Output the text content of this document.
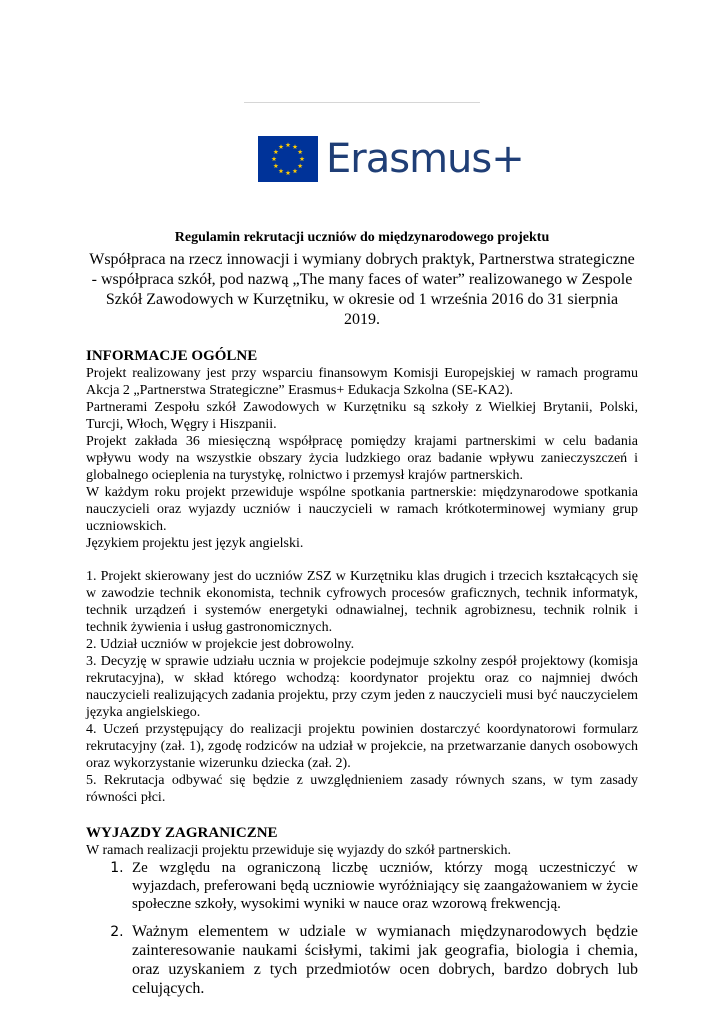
Erasmus+

Regulamin rekrutacji uczniów do międzynarodowego projektu

Współpraca na rzecz innowacji i wymiany dobrych praktyk, Partnerstwa strategiczne - współpraca szkół, pod nazwą „The many faces of water” realizowanego w Zespole Szkół Zawodowych w Kurzętniku, w okresie od 1 września 2016 do 31 sierpnia 2019.

INFORMACJE OGÓLNE

Projekt realizowany jest przy wsparciu finansowym Komisji Europejskiej w ramach programu Akcja 2 „Partnerstwa Strategiczne” Erasmus+ Edukacja Szkolna (SE-KA2).

Partnerami Zespołu szkół Zawodowych w Kurzętniku są szkoły z Wielkiej Brytanii, Polski, Turcji, Włoch, Węgry i Hiszpanii.

Projekt zakłada 36 miesięczną współpracę pomiędzy krajami partnerskimi w celu badania wpływu wody na wszystkie obszary życia ludzkiego oraz badanie wpływu zanieczyszczeń i globalnego ocieplenia na turystykę, rolnictwo i przemysł krajów partnerskich.

W każdym roku projekt przewiduje wspólne spotkania partnerskie: międzynarodowe spotkania nauczycieli oraz wyjazdy uczniów i nauczycieli w ramach krótkoterminowej wymiany grup uczniowskich.

Językiem projektu jest język angielski.

1. Projekt skierowany jest do uczniów ZSZ w Kurzętniku klas drugich i trzecich kształcących się w zawodzie technik ekonomista, technik cyfrowych procesów graficznych, technik informatyk, technik urządzeń i systemów energetyki odnawialnej, technik agrobiznesu, technik rolnik i technik żywienia i usług gastronomicznych.

2. Udział uczniów w projekcie jest dobrowolny.

3. Decyzję w sprawie udziału ucznia w projekcie podejmuje szkolny zespół projektowy (komisja rekrutacyjna), w skład którego wchodzą: koordynator projektu oraz co najmniej dwóch nauczycieli realizujących zadania projektu, przy czym jeden z nauczycieli musi być nauczycielem języka angielskiego.

4. Uczeń przystępujący do realizacji projektu powinien dostarczyć koordynatorowi formularz rekrutacyjny (zał. 1), zgodę rodziców na udział w projekcie, na przetwarzanie danych osobowych oraz wykorzystanie wizerunku dziecka (zał. 2).

5. Rekrutacja odbywać się będzie z uwzględnieniem zasady równych szans, w tym zasady równości płci.

WYJAZDY ZAGRANICZNE

W ramach realizacji projektu przewiduje się wyjazdy do szkół partnerskich.

1. Ze względu na ograniczoną liczbę uczniów, którzy mogą uczestniczyć w wyjazdach, preferowani będą uczniowie wyróżniający się zaangażowaniem w życie społeczne szkoły, wysokimi wyniki w nauce oraz wzorową frekwencją.
2. Ważnym elementem w udziale w wymianach międzynarodowych będzie zainteresowanie naukami ścisłymi, takimi jak geografia, biologia i chemia, oraz uzyskaniem z tych przedmiotów ocen dobrych, bardzo dobrych lub celujących.
